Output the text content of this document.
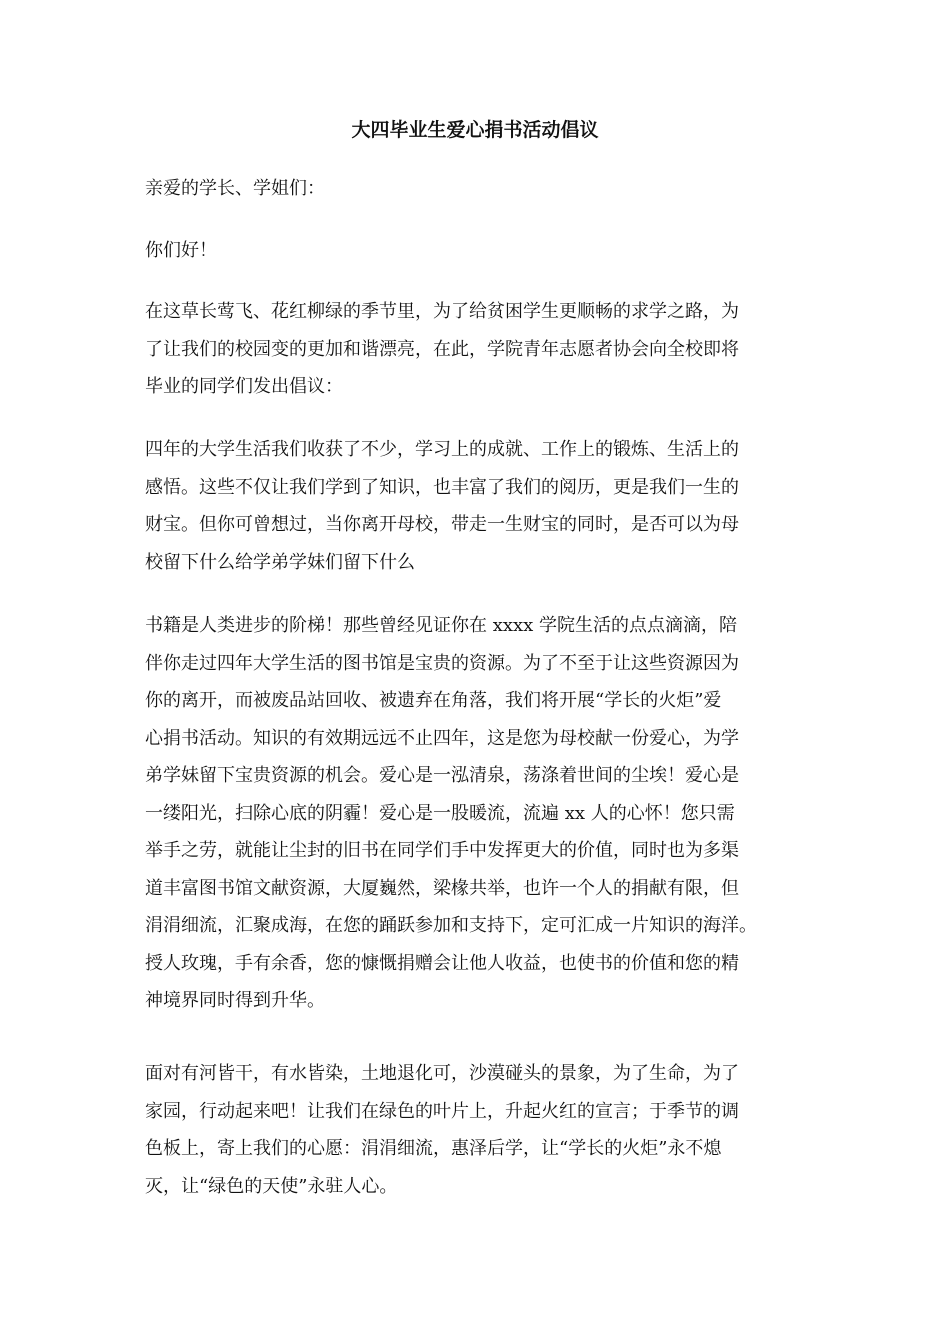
大四毕业生爱心捐书活动倡议

亲爱的学长、学姐们：

你们好！

在这草长莺飞、花红柳绿的季节里，为了给贫困学生更顺畅的求学之路，为
了让我们的校园变的更加和谐漂亮，在此，学院青年志愿者协会向全校即将
毕业的同学们发出倡议：

四年的大学生活我们收获了不少，学习上的成就、工作上的锻炼、生活上的
感悟。这些不仅让我们学到了知识，也丰富了我们的阅历，更是我们一生的
财宝。但你可曾想过，当你离开母校，带走一生财宝的同时，是否可以为母
校留下什么给学弟学妹们留下什么

书籍是人类进步的阶梯！那些曾经见证你在 xxxx 学院生活的点点滴滴，陪
伴你走过四年大学生活的图书馆是宝贵的资源。为了不至于让这些资源因为
你的离开，而被废品站回收、被遗弃在角落，我们将开展“学长的火炬”爱
心捐书活动。知识的有效期远远不止四年，这是您为母校献一份爱心，为学
弟学妹留下宝贵资源的机会。爱心是一泓清泉，荡涤着世间的尘埃！爱心是
一缕阳光，扫除心底的阴霾！爱心是一股暖流，流遍 xx 人的心怀！您只需
举手之劳，就能让尘封的旧书在同学们手中发挥更大的价值，同时也为多渠
道丰富图书馆文献资源，大厦巍然，梁椽共举，也许一个人的捐献有限，但
涓涓细流，汇聚成海，在您的踊跃参加和支持下，定可汇成一片知识的海洋。
授人玫瑰，手有余香，您的慷慨捐赠会让他人收益，也使书的价值和您的精
神境界同时得到升华。

面对有河皆干，有水皆染，土地退化可，沙漠碰头的景象，为了生命，为了
家园，行动起来吧！让我们在绿色的叶片上，升起火红的宣言；于季节的调
色板上，寄上我们的心愿：涓涓细流，惠泽后学，让“学长的火炬”永不熄
灭，让“绿色的天使”永驻人心。
